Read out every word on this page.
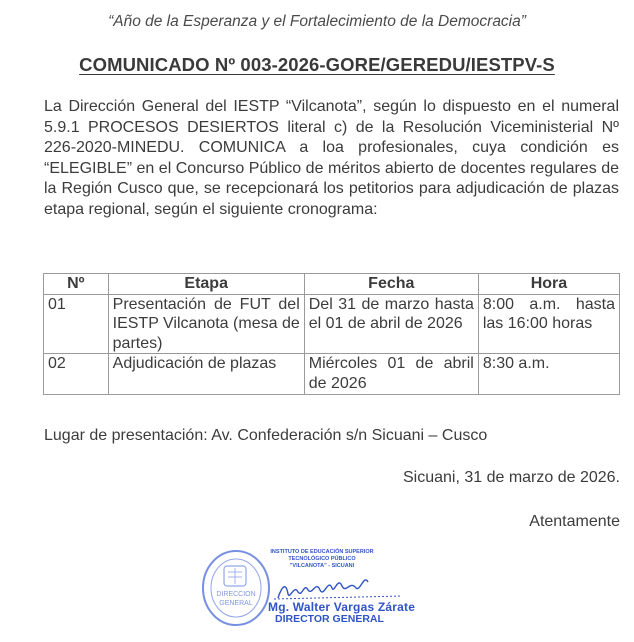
“Año de la Esperanza y el Fortalecimiento de la Democracia”
COMUNICADO Nº 003-2026-GORE/GEREDU/IESTPV-S
La Dirección General del IESTP “Vilcanota”, según lo dispuesto en el numeral 5.9.1 PROCESOS DESIERTOS literal c) de la Resolución Viceministerial Nº 226-2020-MINEDU. COMUNICA a loa profesionales, cuya condición es “ELEGIBLE” en el Concurso Público de méritos abierto de docentes regulares de la Región Cusco que, se recepcionará los petitorios para adjudicación de plazas etapa regional, según el siguiente cronograma:
Nº	Etapa	Fecha	Hora
01	Presentación de FUT del IESTP Vilcanota (mesa de partes)	Del 31 de marzo hasta el 01 de abril de 2026	8:00 a.m. hasta las 16:00 horas
02	Adjudicación de plazas	Miércoles 01 de abril de 2026	8:30 a.m.
Lugar de presentación: Av. Confederación s/n Sicuani – Cusco
Sicuani, 31 de marzo de 2026.
Atentamente
DIRECCION
GENERAL
INSTITUTO DE EDUCACIÓN SUPERIOR TECNOLÓGICO PÚBLICO
"VILCANOTA" - SICUANI
Mg. Walter Vargas Zárate
DIRECTOR GENERAL
